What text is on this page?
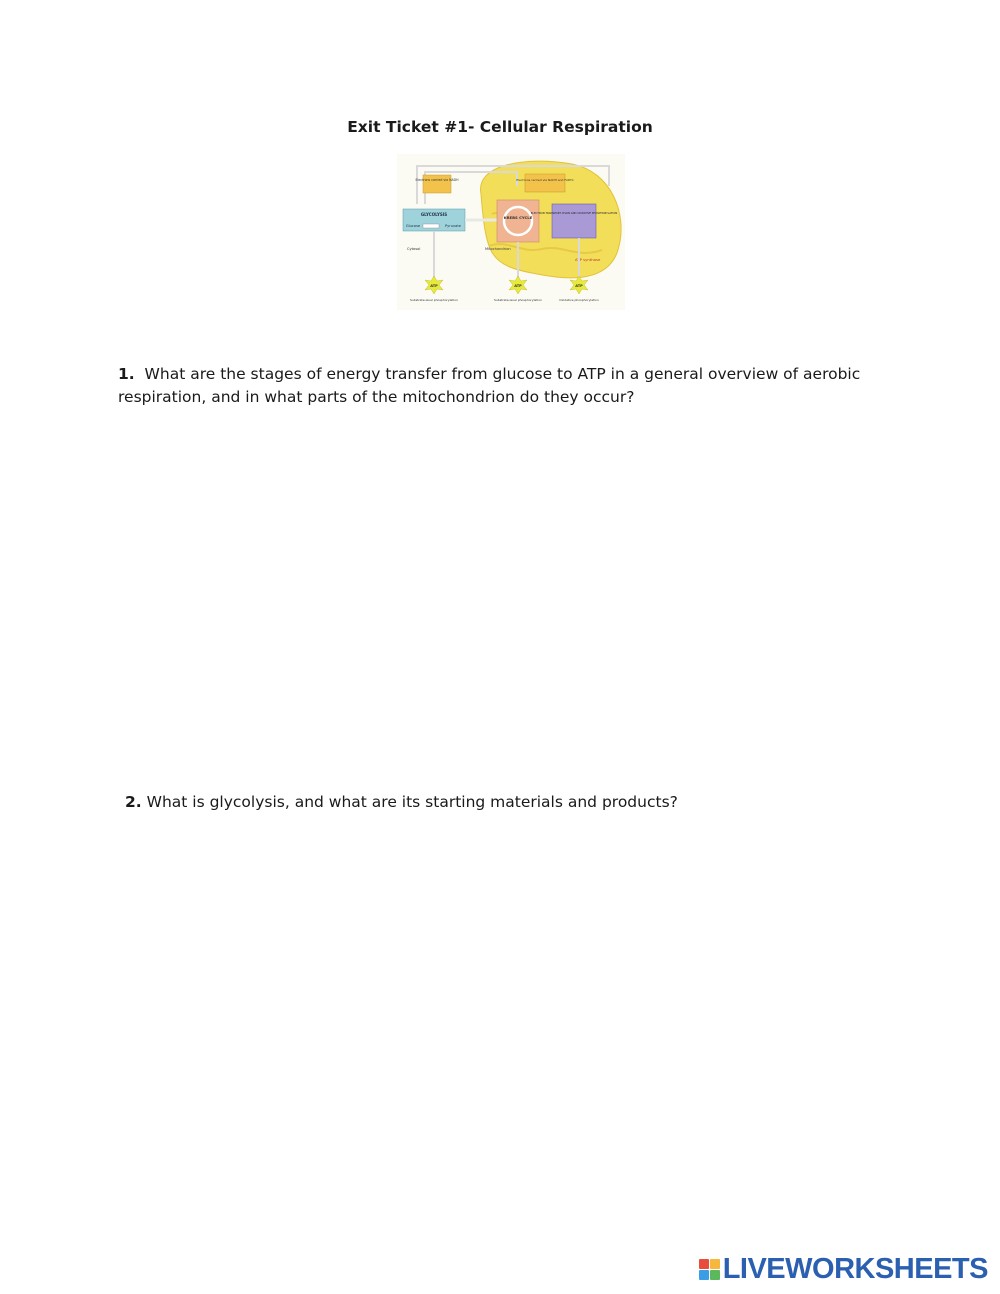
Exit Ticket #1- Cellular Respiration
Electrons carried via NADH	Electrons carried via NADH and FADH₂
GLYCOLYSIS
Glucose	Pyruvate
KREBS CYCLE
ELECTRON TRANSPORT CHAIN AND OXIDATIVE PHOSPHORYLATION
Cytosol	Mitochondrion
ATP synthase
ATP	ATP	ATP
Substrate-level phosphorylation	Substrate-level phosphorylation	Oxidative phosphorylation
1. What are the stages of energy transfer from glucose to ATP in a general overview of aerobic respiration, and in what parts of the mitochondrion do they occur?
2. What is glycolysis, and what are its starting materials and products?
LIVEWORKSHEETS
